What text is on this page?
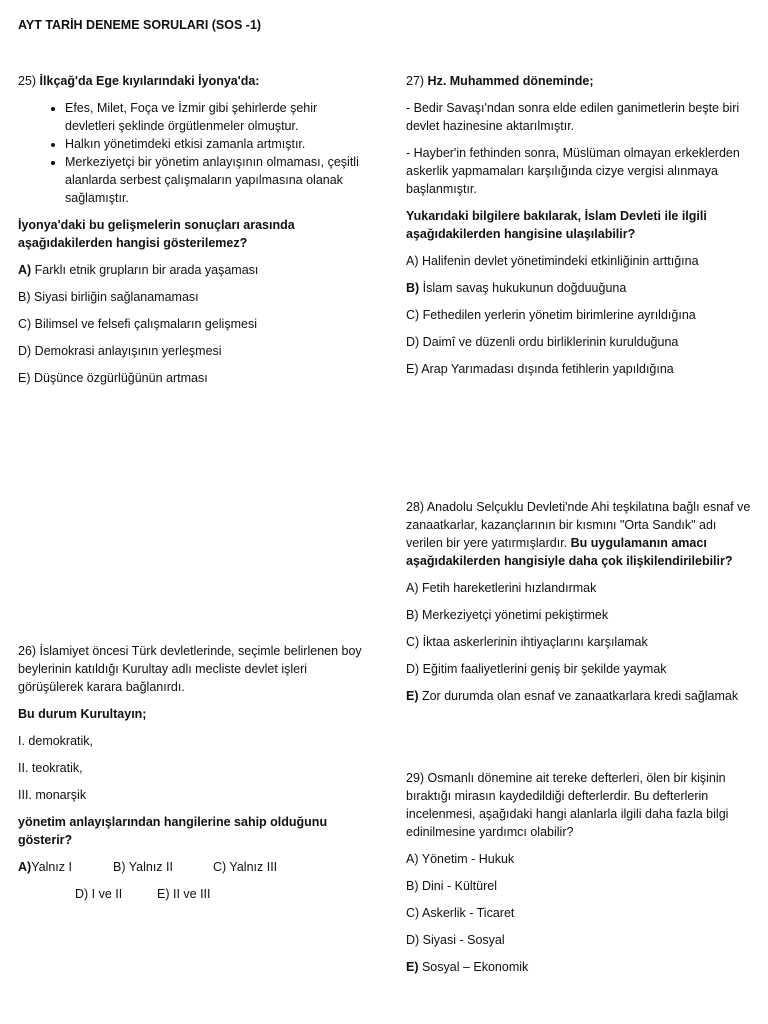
AYT TARİH DENEME SORULARI (SOS -1)

25) İlkçağ'da Ege kıyılarındaki İyonya'da:

• Efes, Milet, Foça ve İzmir gibi şehirlerde şehir devletleri şeklinde örgütlenmeler olmuştur.
• Halkın yönetimdeki etkisi zamanla artmıştır.
• Merkeziyetçi bir yönetim anlayışının olmaması, çeşitli alanlarda serbest çalışmaların yapılmasına olanak sağlamıştır.

İyonya'daki bu gelişmelerin sonuçları arasında aşağıdakilerden hangisi gösterilemez?

A) Farklı etnik grupların bir arada yaşaması
B) Siyasi birliğin sağlanamaması
C) Bilimsel ve felsefi çalışmaların gelişmesi
D) Demokrasi anlayışının yerleşmesi
E) Düşünce özgürlüğünün artması

26) İslamiyet öncesi Türk devletlerinde, seçimle belirlenen boy beylerinin katıldığı Kurultay adlı mecliste devlet işleri görüşülerek karara bağlanırdı.

Bu durum Kurultayın;

I. demokratik,

II. teokratik,

III. monarşik

yönetim anlayışlarından hangilerine sahip olduğunu gösterir?

A)Yalnız I	B) Yalnız II	C) Yalnız III
D) I ve II	E) II ve III

27) Hz. Muhammed döneminde;

- Bedir Savaşı'ndan sonra elde edilen ganimetlerin beşte biri devlet hazinesine aktarılmıştır.

- Hayber'in fethinden sonra, Müslüman olmayan erkeklerden askerlik yapmamaları karşılığında cizye vergisi alınmaya başlanmıştır.

Yukarıdaki bilgilere bakılarak, İslam Devleti ile ilgili aşağıdakilerden hangisine ulaşılabilir?

A) Halifenin devlet yönetimindeki etkinliğinin arttığına
B) İslam savaş hukukunun doğduuğuna
C) Fethedilen yerlerin yönetim birimlerine ayrıldığına
D) Daimî ve düzenli ordu birliklerinin kurulduğuna
E) Arap Yarımadası dışında fetihlerin yapıldığına

28) Anadolu Selçuklu Devleti'nde Ahi teşkilatına bağlı esnaf ve zanaatkarlar, kazançlarının bir kısmını "Orta Sandık" adı verilen bir yere yatırmışlardır. Bu uygulamanın amacı aşağıdakilerden hangisiyle daha çok ilişkilendirilebilir?

A) Fetih hareketlerini hızlandırmak
B) Merkeziyetçi yönetimi pekiştirmek
C) İktaa askerlerinin ihtiyaçlarını karşılamak
D) Eğitim faaliyetlerini geniş bir şekilde yaymak
E) Zor durumda olan esnaf ve zanaatkarlara kredi sağlamak

29) Osmanlı dönemine ait tereke defterleri, ölen bir kişinin bıraktığı mirasın kaydedildiği defterlerdir. Bu defterlerin incelenmesi, aşağıdaki hangi alanlarla ilgili daha fazla bilgi edinilmesine yardımcı olabilir?

A) Yönetim - Hukuk
B) Dini - Kültürel
C) Askerlik - Ticaret
D) Siyasi - Sosyal
E) Sosyal – Ekonomik
